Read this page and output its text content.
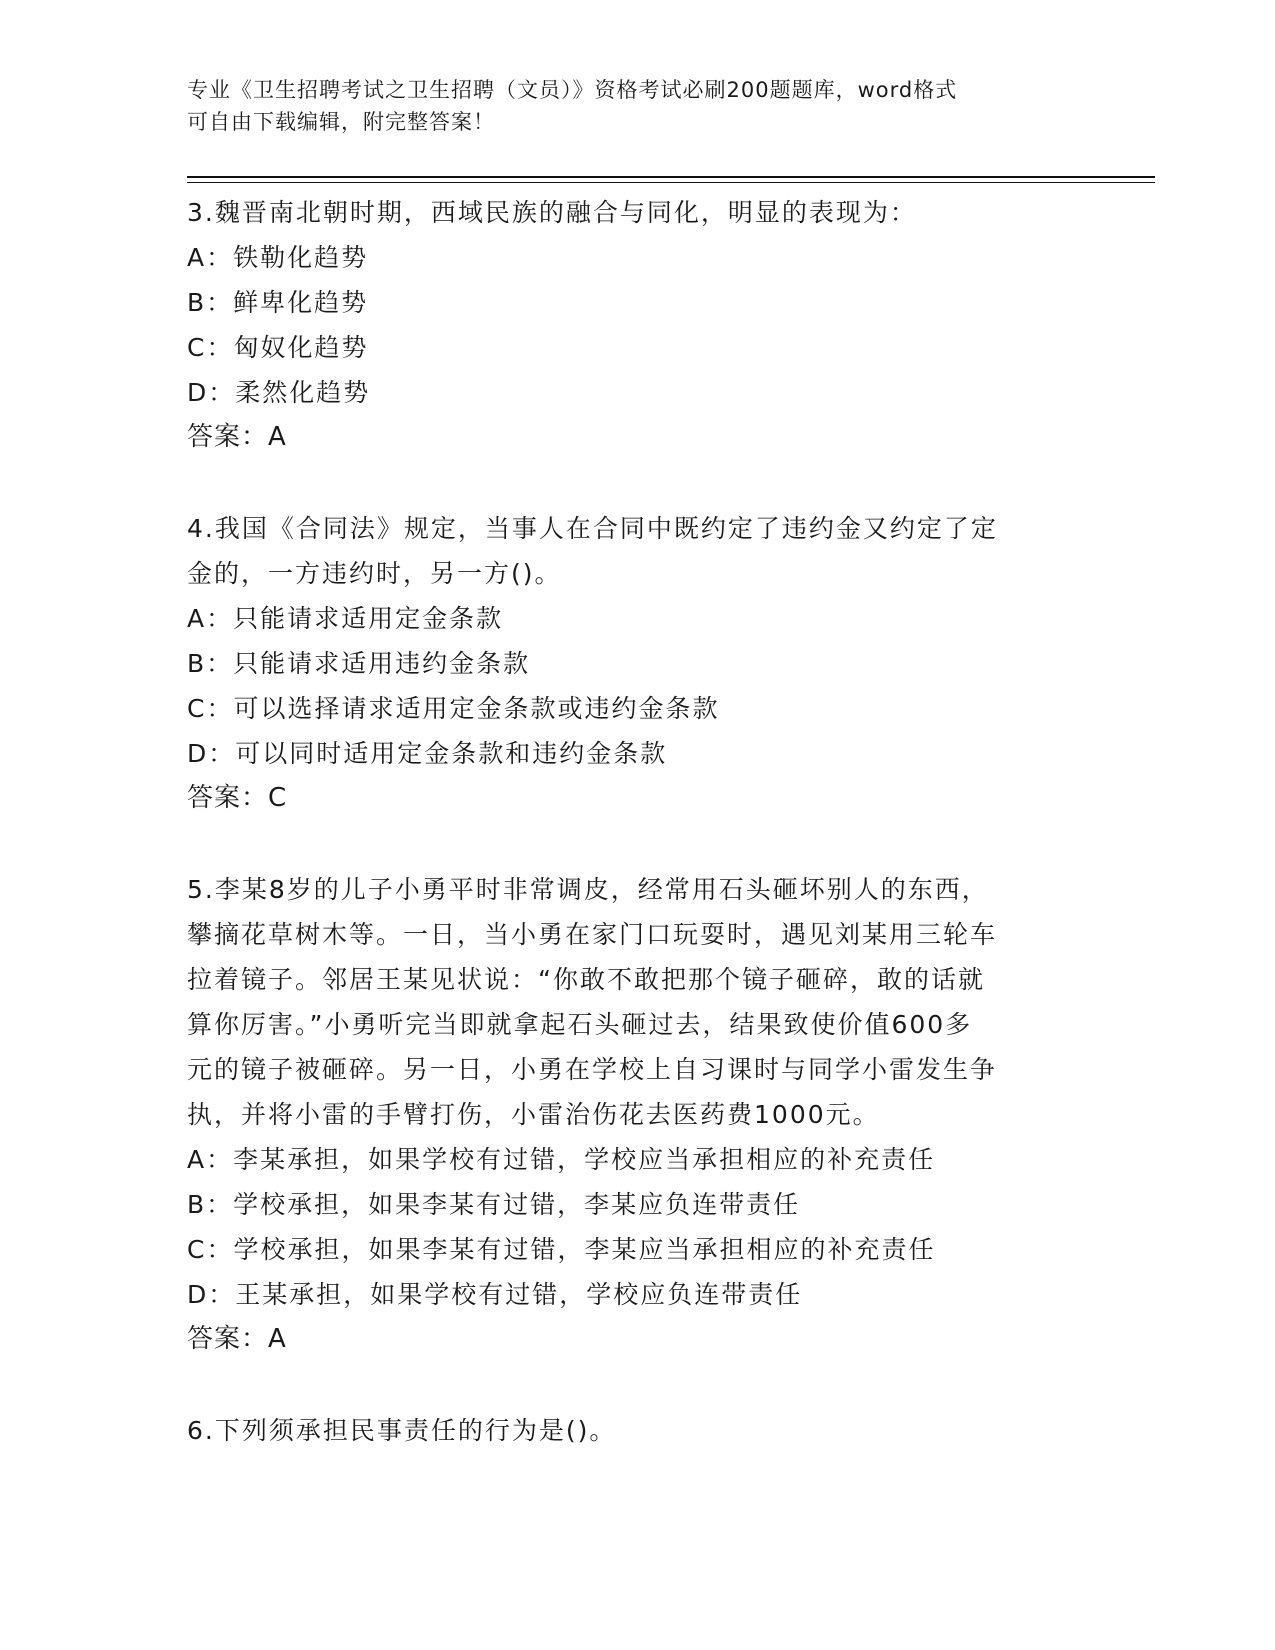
专业《卫生招聘考试之卫生招聘（文员）》资格考试必刷200题题库，word格式
可自由下载编辑，附完整答案！
3.魏晋南北朝时期，西域民族的融合与同化，明显的表现为：
A：铁勒化趋势
B：鲜卑化趋势
C：匈奴化趋势
D：柔然化趋势
答案：A
4.我国《合同法》规定，当事人在合同中既约定了违约金又约定了定
金的，一方违约时，另一方()。
A：只能请求适用定金条款
B：只能请求适用违约金条款
C：可以选择请求适用定金条款或违约金条款
D：可以同时适用定金条款和违约金条款
答案：C
5.李某8岁的儿子小勇平时非常调皮，经常用石头砸坏别人的东西，
攀摘花草树木等。一日，当小勇在家门口玩耍时，遇见刘某用三轮车
拉着镜子。邻居王某见状说：“你敢不敢把那个镜子砸碎，敢的话就
算你厉害。”小勇听完当即就拿起石头砸过去，结果致使价值600多
元的镜子被砸碎。另一日，小勇在学校上自习课时与同学小雷发生争
执，并将小雷的手臂打伤，小雷治伤花去医药费1000元。
A：李某承担，如果学校有过错，学校应当承担相应的补充责任
B：学校承担，如果李某有过错，李某应负连带责任
C：学校承担，如果李某有过错，李某应当承担相应的补充责任
D：王某承担，如果学校有过错，学校应负连带责任
答案：A
6.下列须承担民事责任的行为是()。
